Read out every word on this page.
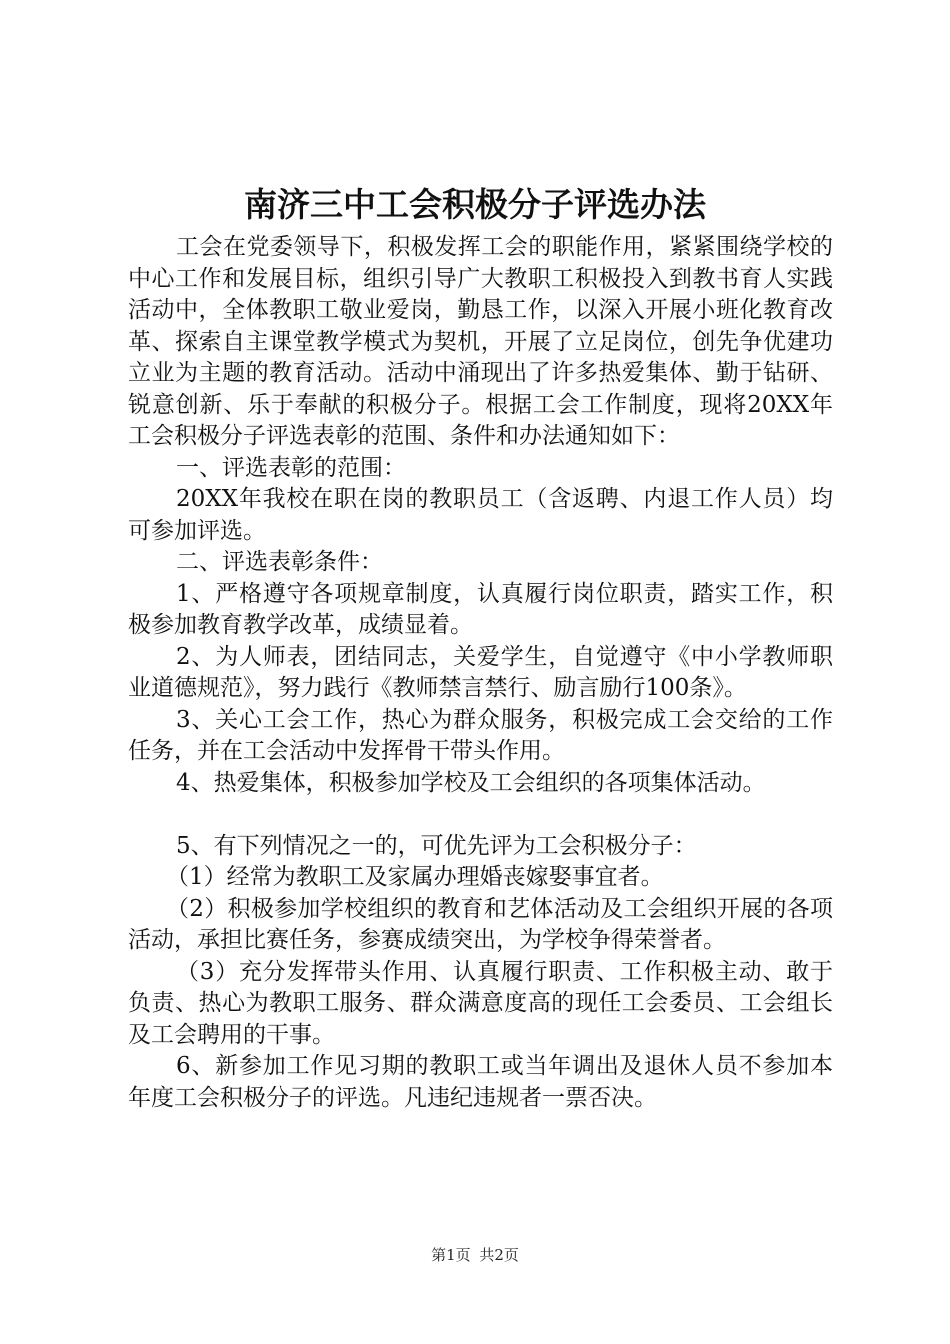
南济三中工会积极分子评选办法

工会在党委领导下，积极发挥工会的职能作用，紧紧围绕学校的中心工作和发展目标，组织引导广大教职工积极投入到教书育人实践活动中，全体教职工敬业爱岗，勤恳工作，以深入开展小班化教育改革、探索自主课堂教学模式为契机，开展了立足岗位，创先争优建功立业为主题的教育活动。活动中涌现出了许多热爱集体、勤于钻研、锐意创新、乐于奉献的积极分子。根据工会工作制度，现将20XX年工会积极分子评选表彰的范围、条件和办法通知如下：

一、评选表彰的范围：

20XX年我校在职在岗的教职员工（含返聘、内退工作人员）均可参加评选。

二、评选表彰条件：

1、严格遵守各项规章制度，认真履行岗位职责，踏实工作，积极参加教育教学改革，成绩显着。

2、为人师表，团结同志，关爱学生，自觉遵守《中小学教师职业道德规范》，努力践行《教师禁言禁行、励言励行100条》。

3、关心工会工作，热心为群众服务，积极完成工会交给的工作任务，并在工会活动中发挥骨干带头作用。

4、热爱集体，积极参加学校及工会组织的各项集体活动。

5、有下列情况之一的，可优先评为工会积极分子：

（1）经常为教职工及家属办理婚丧嫁娶事宜者。

（2）积极参加学校组织的教育和艺体活动及工会组织开展的各项活动，承担比赛任务，参赛成绩突出，为学校争得荣誉者。

（3）充分发挥带头作用、认真履行职责、工作积极主动、敢于负责、热心为教职工服务、群众满意度高的现任工会委员、工会组长及工会聘用的干事。

6、新参加工作见习期的教职工或当年调出及退休人员不参加本年度工会积极分子的评选。凡违纪违规者一票否决。

第1页 共2页
